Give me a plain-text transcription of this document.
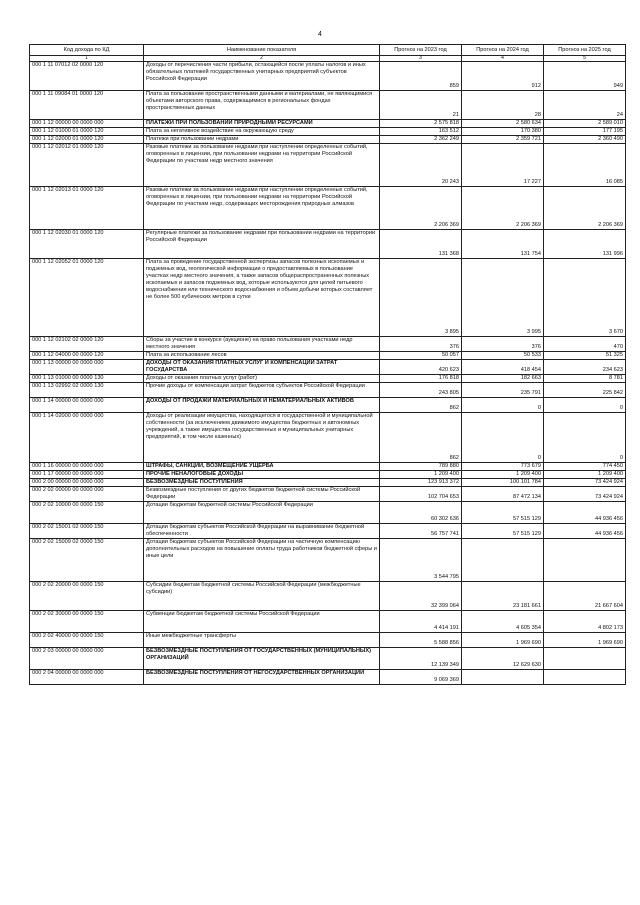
4
Код дохода по КД	Наименование показателя	Прогноз на 2023 год	Прогноз на 2024 год	Прогноз на 2025 год
1	2	3	4	5
000 1 11 07012 02 0000 120	Доходы от перечисления части прибыли, остающейся после уплаты налогов и иных обязательных платежей государственных унитарных предприятий субъектов Российской Федерации	859	912	949
000 1 11 09084 01 0000 120	Плата за пользование пространственными данными и материалами, не являющимися объектами авторского права, содержащимися в региональных фондах пространственных данных	21	28	24
000 1 12 00000 00 0000 000	ПЛАТЕЖИ ПРИ ПОЛЬЗОВАНИИ ПРИРОДНЫМИ РЕСУРСАМИ	2 575 818	2 580 634	2 589 010
000 1 12 01000 01 0000 120	Плата за негативное воздействие на окружающую среду	163 512	170 380	177 195
000 1 12 02000 01 0000 120	Платежи при пользовании недрами	2 362 249	2 359 721	2 360 490
000 1 12 02012 01 0000 120	Разовые платежи за пользование недрами при наступлении определенных событий, оговоренных в лицензии, при пользовании недрами на территории Российской Федерации по участкам недр местного значения	20 243	17 227	16 085
000 1 12 02013 01 0000 120	Разовые платежи за пользование недрами при наступлении определенных событий, оговоренных в лицензии, при пользовании недрами на территории Российской Федерации по участкам недр, содержащих месторождения природных алмазов	2 206 369	2 206 369	2 206 369
000 1 12 02030 01 0000 120	Регулярные платежи за пользование недрами при пользовании недрами на территории Российской Федерации	131 368	131 754	131 996
000 1 12 02052 01 0000 120	Плата за проведение государственной экспертизы запасов полезных ископаемых и подземных вод, геологической информации о предоставляемых в пользование участках недр местного значения, а также запасов общераспространенных полезных ископаемых и запасов подземных вод, которые используются для целей питьевого водоснабжения или технического водоснабжения и объем добычи которых составляет не более 500 кубических метров в сутки	3 895	3 995	3 670
000 1 12 02102 02 0000 120	Сборы за участие в конкурсе (аукционе) на право пользования участками недр местного значения	376	376	470
000 1 12 04000 00 0000 120	Плата за использование лесов	50 057	50 533	51 325
000 1 13 00000 00 0000 000	ДОХОДЫ ОТ ОКАЗАНИЯ ПЛАТНЫХ УСЛУГ И КОМПЕНСАЦИИ ЗАТРАТ ГОСУДАРСТВА	420 623	418 454	234 623
000 1 13 01000 00 0000 130	Доходы от оказания платных услуг (работ)	176 818	182 663	8 781
000 1 13 02992 02 0000 130	Прочие доходы от компенсации затрат бюджетов субъектов Российской Федерации	243 805	235 791	225 842
000 1 14 00000 00 0000 000	ДОХОДЫ ОТ ПРОДАЖИ МАТЕРИАЛЬНЫХ И НЕМАТЕРИАЛЬНЫХ АКТИВОВ	862	0	0
000 1 14 02000 00 0000 000	Доходы от реализации имущества, находящегося в государственной и муниципальной собственности (за исключением движимого имущества бюджетных и автономных учреждений, а также имущества государственных и муниципальных унитарных предприятий, в том числе казенных)	862	0	0
000 1 16 00000 00 0000 000	ШТРАФЫ, САНКЦИИ, ВОЗМЕЩЕНИЕ УЩЕРБА	789 880	773 679	774 450
000 1 17 00000 00 0000 000	ПРОЧИЕ НЕНАЛОГОВЫЕ ДОХОДЫ	1 209 400	1 209 400	1 209 400
000 2 00 00000 00 0000 000	БЕЗВОЗМЕЗДНЫЕ ПОСТУПЛЕНИЯ	123 913 372	100 101 784	73 424 924
000 2 02 00000 00 0000 000	Безвозмездные поступления от других бюджетов бюджетной системы Российской Федерации	102 704 653	87 472 134	73 424 924
000 2 02 10000 00 0000 150	Дотации бюджетам бюджетной системы Российской Федерации	60 302 636	57 515 129	44 936 456
000 2 02 15001 02 0000 150	Дотации бюджетам субъектов Российской Федерации на выравнивание бюджетной обеспеченности	56 757 741	57 515 129	44 936 456
000 2 02 15009 02 0000 150	Дотации бюджетам субъектов Российской Федерации на частичную компенсацию дополнительных расходов на повышение оплаты труда работников бюджетной сферы и иные цели	3 544 795		
000 2 02 20000 00 0000 150	Субсидии бюджетам бюджетной системы Российской Федерации (межбюджетные субсидии)	32 399 064	23 181 661	21 667 604
000 2 02 30000 00 0000 150	Субвенции бюджетам бюджетной системы Российской Федерации	4 414 191	4 605 354	4 802 173
000 2 02 40000 00 0000 150	Иные межбюджетные трансферты	5 588 856	1 969 690	1 969 690
000 2 03 00000 00 0000 000	БЕЗВОЗМЕЗДНЫЕ ПОСТУПЛЕНИЯ ОТ ГОСУДАРСТВЕННЫХ (МУНИЦИПАЛЬНЫХ) ОРГАНИЗАЦИЙ	12 139 349	12 629 630	
000 2 04 00000 00 0000 000	БЕЗВОЗМЕЗДНЫЕ ПОСТУПЛЕНИЯ ОТ НЕГОСУДАРСТВЕННЫХ ОРГАНИЗАЦИЙ	9 069 369		
